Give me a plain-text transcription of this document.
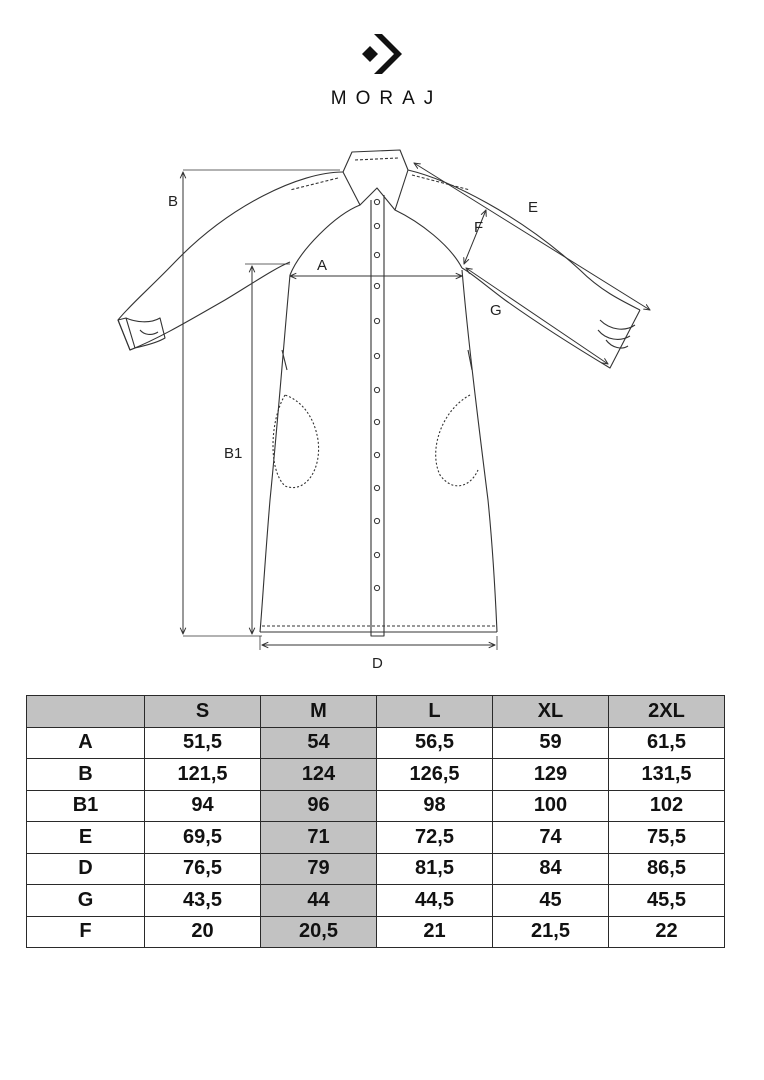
MORAJ
B
B1
A
D
E
F
G
	S	M	L	XL	2XL
A	51,5	54	56,5	59	61,5
B	121,5	124	126,5	129	131,5
B1	94	96	98	100	102
E	69,5	71	72,5	74	75,5
D	76,5	79	81,5	84	86,5
G	43,5	44	44,5	45	45,5
F	20	20,5	21	21,5	22
